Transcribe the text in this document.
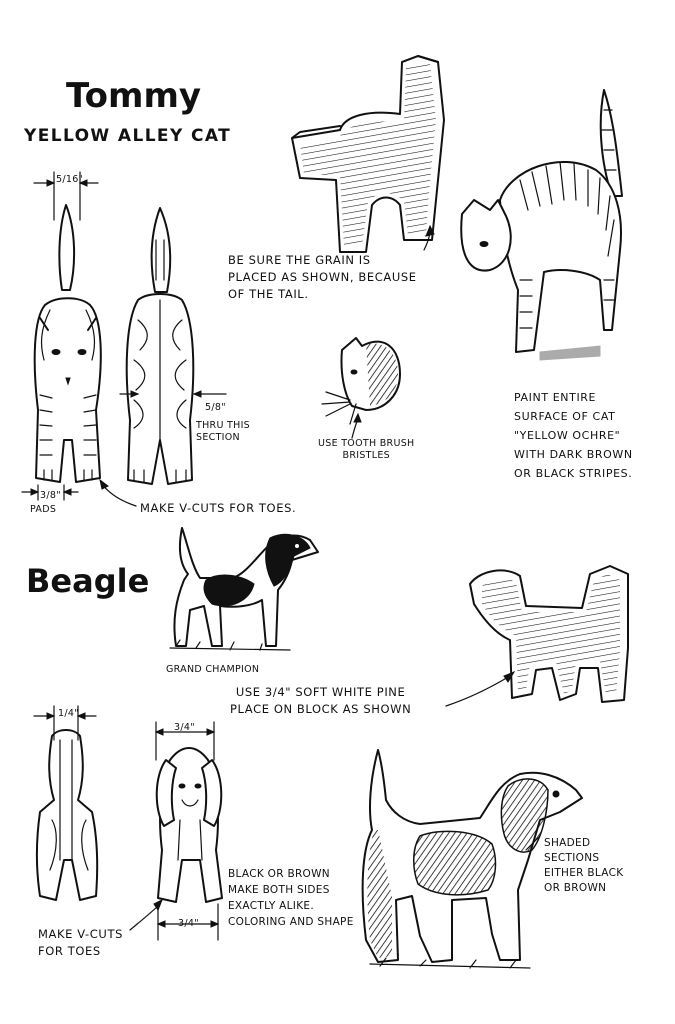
Tommy
YELLOW ALLEY CAT
5/16"
5/8"
THRU THIS
SECTION
3/8"
PADS
BE SURE THE GRAIN IS
PLACED AS SHOWN, BECAUSE
OF THE TAIL.
USE TOOTH BRUSH
BRISTLES
PAINT ENTIRE
SURFACE OF CAT
"YELLOW OCHRE"
WITH DARK BROWN
OR BLACK STRIPES.
MAKE V-CUTS FOR TOES.
Beagle
GRAND CHAMPION
USE 3/4" SOFT WHITE PINE
PLACE ON BLOCK AS SHOWN
1/4"
3/4"
3/4"
MAKE V-CUTS
FOR TOES
BLACK OR BROWN
MAKE BOTH SIDES
EXACTLY ALIKE.
COLORING AND SHAPE
SHADED
SECTIONS
EITHER BLACK
OR BROWN
